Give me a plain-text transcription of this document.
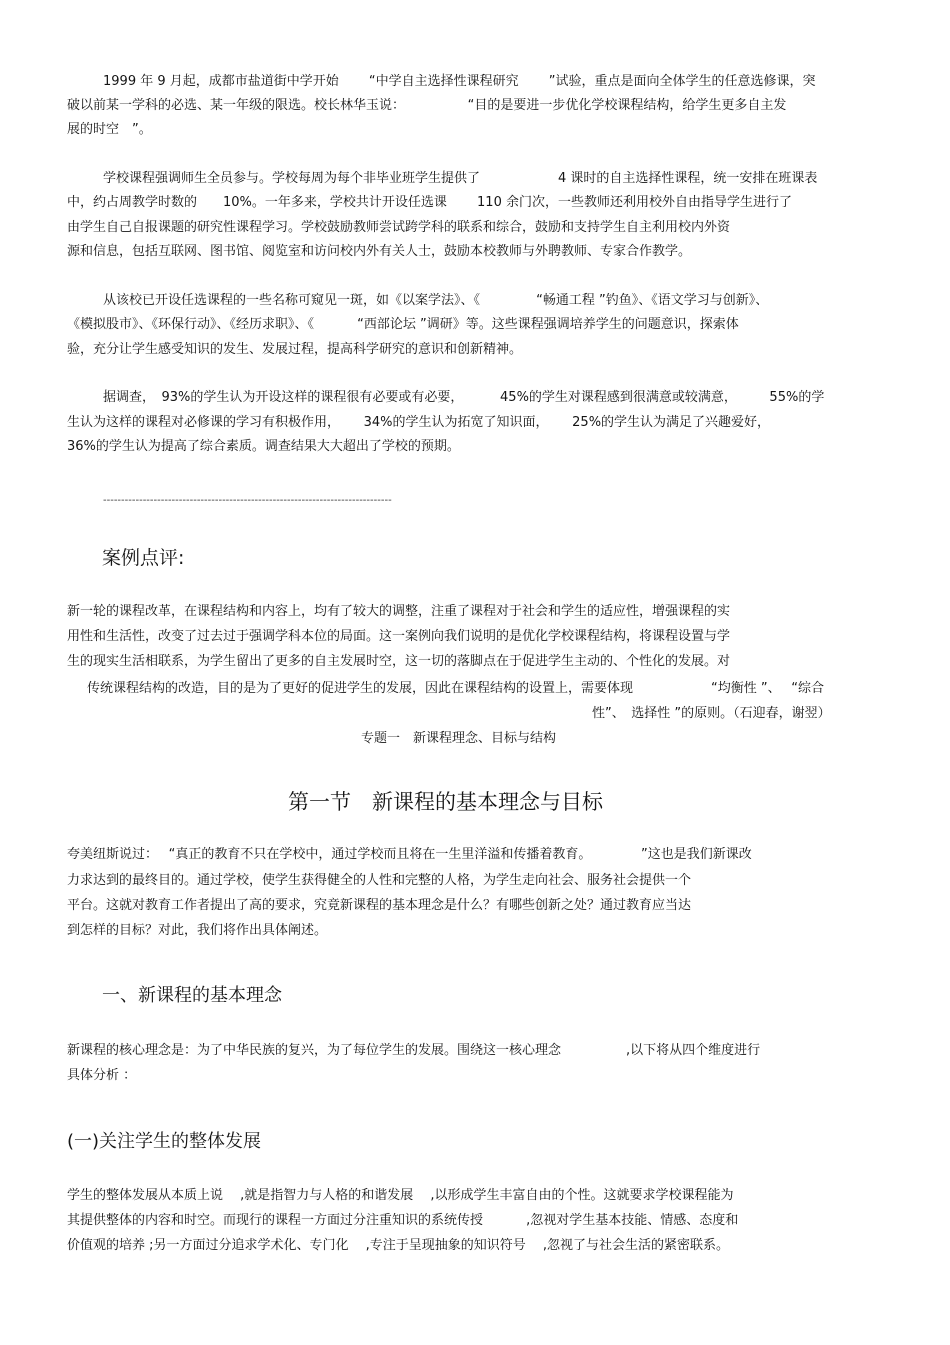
1999 年 9 月起，成都市盐道街中学开始　　 “中学自主选择性课程研究　　 ”试验，重点是面向全体学生的任意选修课，突
破以前某一学科的必选、某一年级的限选。校长林华玉说：　　　　　 “目的是要进一步优化学校课程结构，给学生更多自主发
展的时空　”。
学校课程强调师生全员参与。学校每周为每个非毕业班学生提供了　　　　　　4 课时的自主选择性课程，统一安排在班课表
中，约占周教学时数的　　10%。一年多来，学校共计开设任选课　　 110 余门次，一些教师还利用校外自由指导学生进行了
由学生自己自报课题的研究性课程学习。学校鼓励教师尝试跨学科的联系和综合，鼓励和支持学生自主利用校内外资
源和信息，包括互联网、图书馆、阅览室和访问校内外有关人士，鼓励本校教师与外聘教师、专家合作教学。
从该校已开设任选课程的一些名称可窥见一斑，如《以案学法》、《　　　　 “畅通工程 ”钓鱼》、《语文学习与创新》、
《模拟股市》、《环保行动》、《经历求职》、《　　　 “西部论坛 ”调研》等。这些课程强调培养学生的问题意识，探索体
验，充分让学生感受知识的发生、发展过程，提高科学研究的意识和创新精神。
据调查，　93%的学生认为开设这样的课程很有必要或有必要，　　　 45%的学生对课程感到很满意或较满意，　　　55%的学
生认为这样的课程对必修课的学习有积极作用，　　 34%的学生认为拓宽了知识面，　　 25%的学生认为满足了兴趣爱好，
36%的学生认为提高了综合素质。调查结果大大超出了学校的预期。
--------------------------------------------------------------------------------
案例点评:
新一轮的课程改革，在课程结构和内容上，均有了较大的调整，注重了课程对于社会和学生的适应性，增强课程的实
用性和生活性，改变了过去过于强调学科本位的局面。这一案例向我们说明的是优化学校课程结构，将课程设置与学
生的现实生活相联系，为学生留出了更多的自主发展时空，这一切的落脚点在于促进学生主动的、个性化的发展。对
传统课程结构的改造，目的是为了更好的促进学生的发展，因此在课程结构的设置上，需要体现　　　　　　“均衡性 ”、　 “综合
性”、　选择性 ”的原则。（石迎春，谢翌）
专题一　新课程理念、目标与结构
第一节　新课程的基本理念与目标
夸美纽斯说过：　 “真正的教育不只在学校中，通过学校而且将在一生里洋溢和传播着教育。　　　　 ”这也是我们新课改
力求达到的最终目的。通过学校，使学生获得健全的人性和完整的人格，为学生走向社会、服务社会提供一个
平台。这就对教育工作者提出了高的要求，究竟新课程的基本理念是什么？有哪些创新之处？通过教育应当达
到怎样的目标？对此，我们将作出具体阐述。
一、新课程的基本理念
新课程的核心理念是：为了中华民族的复兴，为了每位学生的发展。围绕这一核心理念　　　　　,以下将从四个维度进行
具体分析 ：
(一)关注学生的整体发展
学生的整体发展从本质上说　 ,就是指智力与人格的和谐发展　 ,以形成学生丰富自由的个性。这就要求学校课程能为
其提供整体的内容和时空。而现行的课程一方面过分注重知识的系统传授　　　 ,忽视对学生基本技能、情感、态度和
价值观的培养 ;另一方面过分追求学术化、专门化　 ,专注于呈现抽象的知识符号　 ,忽视了与社会生活的紧密联系。
